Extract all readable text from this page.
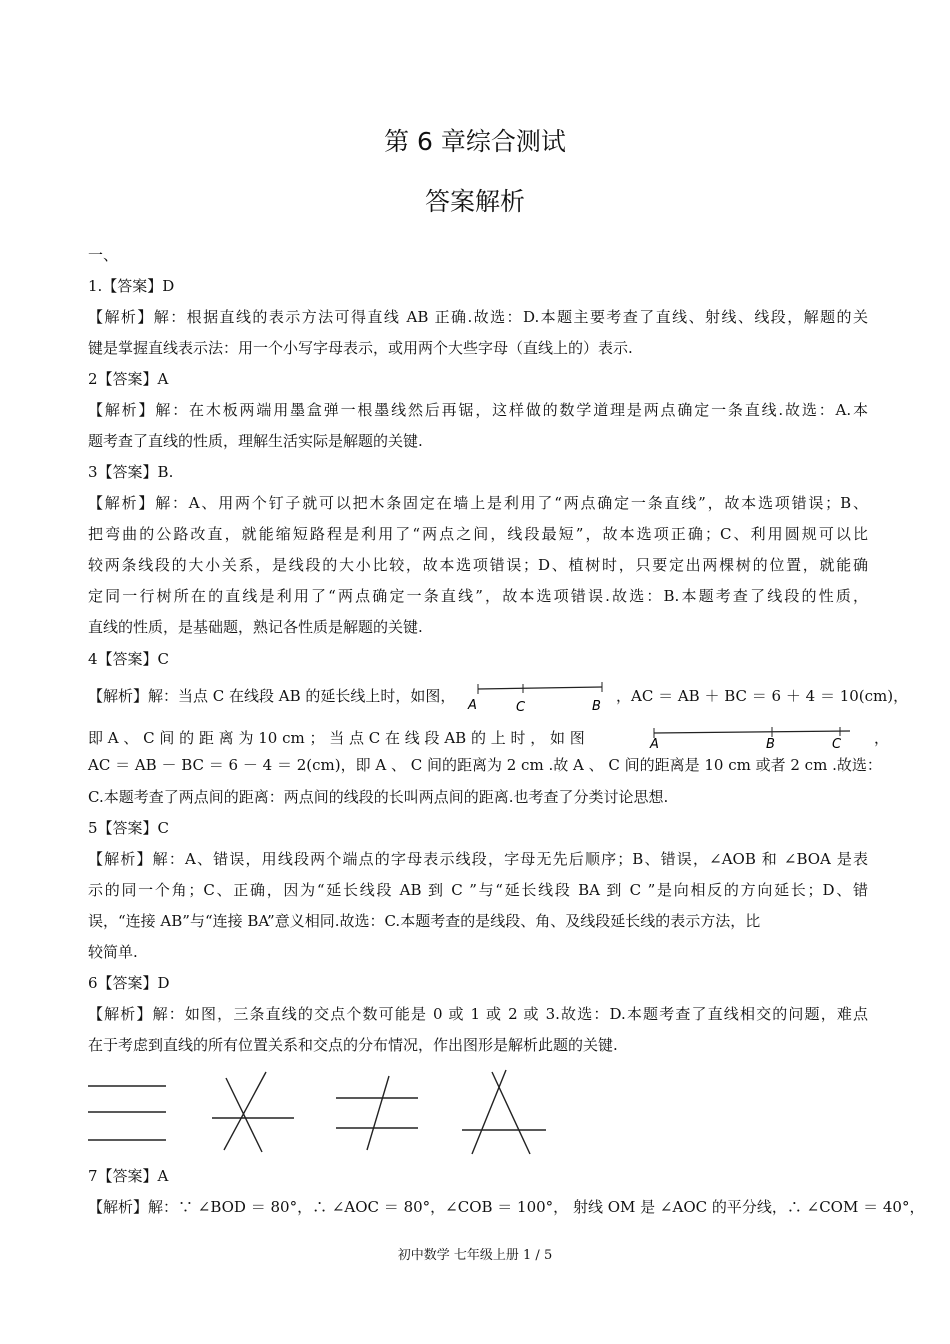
第 6 章综合测试
答案解析
一、
1.【答案】D
【解析】解：根据直线的表示方法可得直线 AB 正确.故选：D.本题主要考查了直线、射线、线段，解题的关
键是掌握直线表示法：用一个小写字母表示，或用两个大些字母（直线上的）表示.
2【答案】A
【解析】解：在木板两端用墨盒弹一根墨线然后再锯，这样做的数学道理是两点确定一条直线.故选：A.本
题考查了直线的性质，理解生活实际是解题的关键.
3【答案】B.
【解析】解：A、用两个钉子就可以把木条固定在墙上是利用了“两点确定一条直线”，故本选项错误；B、
把弯曲的公路改直，就能缩短路程是利用了“两点之间，线段最短”，故本选项正确；C、利用圆规可以比
较两条线段的大小关系，是线段的大小比较，故本选项错误；D、植树时，只要定出两棵树的位置，就能确
定同一行树所在的直线是利用了“两点确定一条直线”，故本选项错误.故选：B.本题考查了线段的性质，
直线的性质，是基础题，熟记各性质是解题的关键.
4【答案】C
【解析】解：当点 C 在线段 AB 的延长线上时，如图，
A	C	B
，AC ＝ AB ＋ BC ＝ 6 ＋ 4 ＝ 10(cm)，
即 A 、 C 间 的 距 离 为 10 cm ； 当 点 C 在 线 段 AB 的 上 时 ， 如 图	A	B	C ，
AC ＝ AB － BC ＝ 6 － 4 ＝ 2(cm)，即 A 、 C 间的距离为 2 cm .故 A 、 C 间的距离是 10 cm 或者 2 cm .故选：
C.本题考查了两点间的距离：两点间的线段的长叫两点间的距离.也考查了分类讨论思想.
5【答案】C
【解析】解：A、错误，用线段两个端点的字母表示线段，字母无先后顺序；B、错误，∠AOB 和 ∠BOA 是表
示的同一个角；C、正确，因为“延长线段 AB 到 C ”与“延长线段 BA 到 C ”是向相反的方向延长；D、错
误，“连接 AB”与“连接 BA”意义相同.故选：C.本题考查的是线段、角、及线段延长线的表示方法，比
较简单.
6【答案】D
【解析】解：如图，三条直线的交点个数可能是 0 或 1 或 2 或 3.故选：D.本题考查了直线相交的问题，难点
在于考虑到直线的所有位置关系和交点的分布情况，作出图形是解析此题的关键.
7【答案】A
【解析】解：∵ ∠BOD ＝ 80°，∴ ∠AOC ＝ 80°，∠COB ＝ 100°， 射线 OM 是 ∠AOC 的平分线，∴ ∠COM ＝ 40°，
初中数学 七年级上册 1 / 5
